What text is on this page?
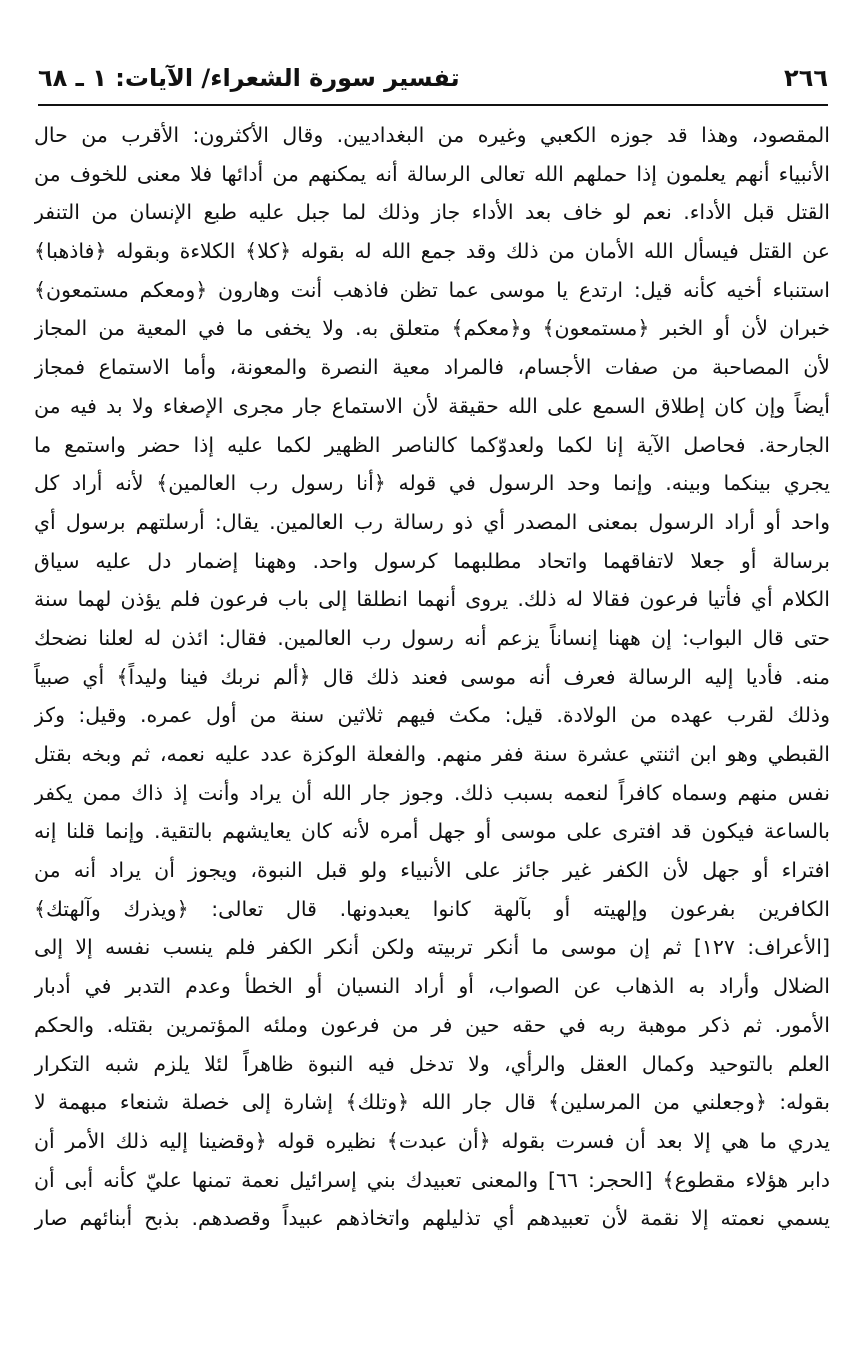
٢٦٦
تفسير سورة الشعراء/ الآيات: ١ ـ ٦٨
المقصود، وهذا قد جوزه الكعبي وغيره من البغداديين. وقال الأكثرون: الأقرب من حال
الأنبياء أنهم يعلمون إذا حملهم الله تعالى الرسالة أنه يمكنهم من أدائها فلا معنى للخوف من
القتل قبل الأداء. نعم لو خاف بعد الأداء جاز وذلك لما جبل عليه طبع الإنسان من التنفر
عن القتل فيسأل الله الأمان من ذلك وقد جمع الله له بقوله ﴿كلا﴾ الكلاءة وبقوله ﴿فاذهبا﴾
استنباء أخيه كأنه قيل: ارتدع يا موسى عما تظن فاذهب أنت وهارون ﴿ومعكم مستمعون﴾
خبران لأن أو الخبر ﴿مستمعون﴾ و﴿معكم﴾ متعلق به. ولا يخفى ما في المعية من المجاز
لأن المصاحبة من صفات الأجسام، فالمراد معية النصرة والمعونة، وأما الاستماع فمجاز
أيضاً وإن كان إطلاق السمع على الله حقيقة لأن الاستماع جار مجرى الإصغاء ولا بد فيه من
الجارحة. فحاصل الآية إنا لكما ولعدوّكما كالناصر الظهير لكما عليه إذا حضر واستمع ما
يجري بينكما وبينه. وإنما وحد الرسول في قوله ﴿أنا رسول رب العالمين﴾ لأنه أراد كل
واحد أو أراد الرسول بمعنى المصدر أي ذو رسالة رب العالمين. يقال: أرسلتهم برسول أي
برسالة أو جعلا لاتفاقهما واتحاد مطلبهما كرسول واحد. وههنا إضمار دل عليه سياق
الكلام أي فأتيا فرعون فقالا له ذلك. يروى أنهما انطلقا إلى باب فرعون فلم يؤذن لهما سنة
حتى قال البواب: إن ههنا إنساناً يزعم أنه رسول رب العالمين. فقال: ائذن له لعلنا نضحك
منه. فأديا إليه الرسالة فعرف أنه موسى فعند ذلك قال ﴿ألم نربك فينا وليداً﴾ أي صبياً
وذلك لقرب عهده من الولادة. قيل: مكث فيهم ثلاثين سنة من أول عمره. وقيل: وكز
القبطي وهو ابن اثنتي عشرة سنة ففر منهم. والفعلة الوكزة عدد عليه نعمه، ثم وبخه بقتل
نفس منهم وسماه كافراً لنعمه بسبب ذلك. وجوز جار الله أن يراد وأنت إذ ذاك ممن يكفر
بالساعة فيكون قد افترى على موسى أو جهل أمره لأنه كان يعايشهم بالتقية. وإنما قلنا إنه
افتراء أو جهل لأن الكفر غير جائز على الأنبياء ولو قبل النبوة، ويجوز أن يراد أنه من
الكافرين بفرعون وإلهيته أو بآلهة كانوا يعبدونها. قال تعالى: ﴿ويذرك وآلهتك﴾
[الأعراف: ١٢٧] ثم إن موسى ما أنكر تربيته ولكن أنكر الكفر فلم ينسب نفسه إلا إلى
الضلال وأراد به الذهاب عن الصواب، أو أراد النسيان أو الخطأ وعدم التدبر في أدبار
الأمور. ثم ذكر موهبة ربه في حقه حين فر من فرعون وملئه المؤتمرين بقتله. والحكم
العلم بالتوحيد وكمال العقل والرأي، ولا تدخل فيه النبوة ظاهراً لئلا يلزم شبه التكرار
بقوله: ﴿وجعلني من المرسلين﴾ قال جار الله ﴿وتلك﴾ إشارة إلى خصلة شنعاء مبهمة لا
يدري ما هي إلا بعد أن فسرت بقوله ﴿أن عبدت﴾ نظيره قوله ﴿وقضينا إليه ذلك الأمر أن
دابر هؤلاء مقطوع﴾ [الحجر: ٦٦] والمعنى تعبيدك بني إسرائيل نعمة تمنها عليّ كأنه أبى أن
يسمي نعمته إلا نقمة لأن تعبيدهم أي تذليلهم واتخاذهم عبيداً وقصدهم. بذبح أبنائهم صار
